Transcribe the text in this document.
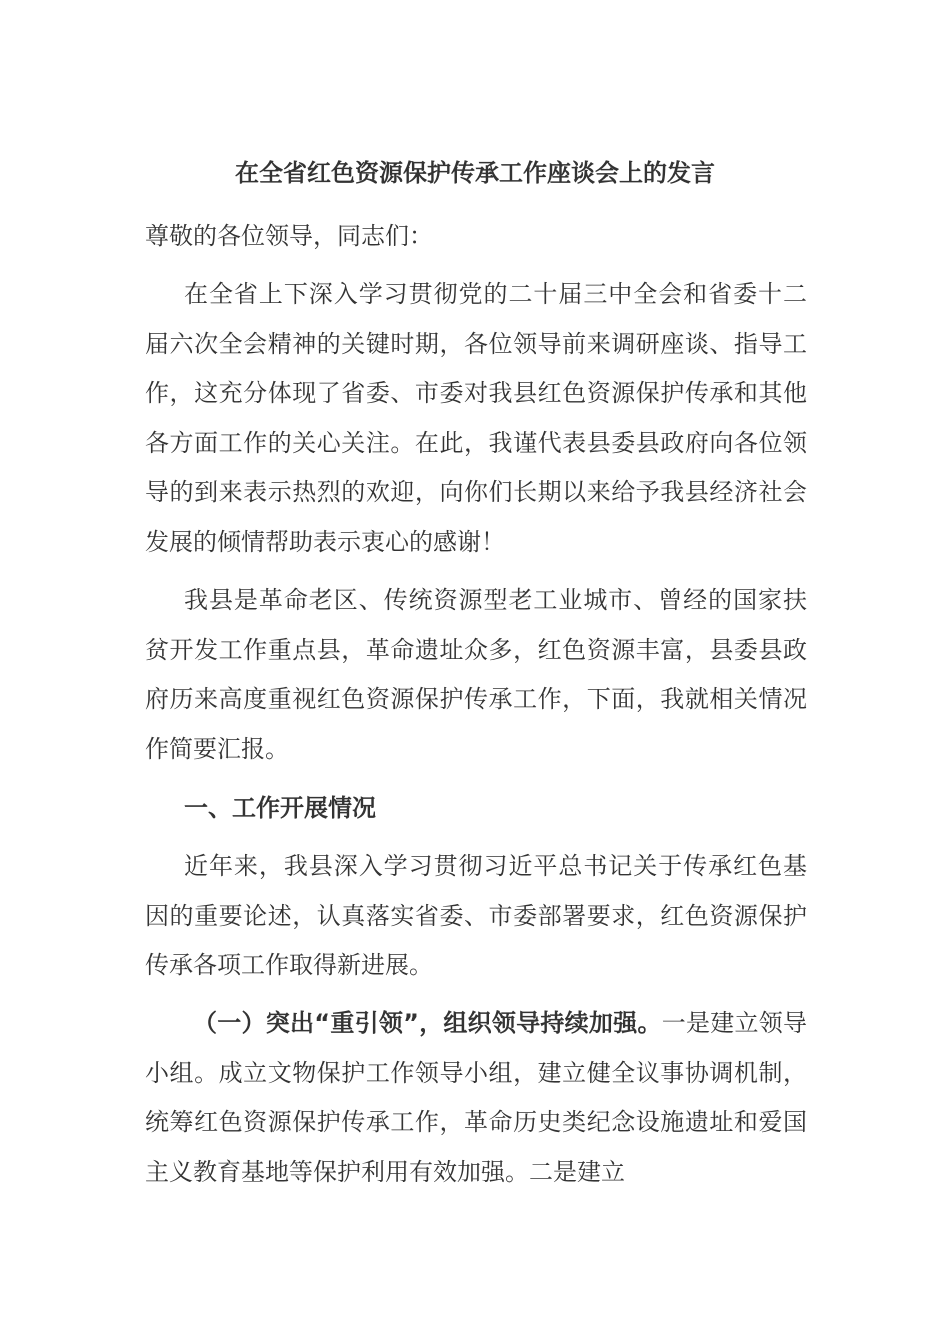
在全省红色资源保护传承工作座谈会上的发言

尊敬的各位领导，同志们：

在全省上下深入学习贯彻党的二十届三中全会和省委十二届六次全会精神的关键时期，各位领导前来调研座谈、指导工作，这充分体现了省委、市委对我县红色资源保护传承和其他各方面工作的关心关注。在此，我谨代表县委县政府向各位领导的到来表示热烈的欢迎，向你们长期以来给予我县经济社会发展的倾情帮助表示衷心的感谢！

我县是革命老区、传统资源型老工业城市、曾经的国家扶贫开发工作重点县，革命遗址众多，红色资源丰富，县委县政府历来高度重视红色资源保护传承工作，下面，我就相关情况作简要汇报。

一、工作开展情况

近年来，我县深入学习贯彻习近平总书记关于传承红色基因的重要论述，认真落实省委、市委部署要求，红色资源保护传承各项工作取得新进展。

（一）突出“重引领”，组织领导持续加强。一是建立领导小组。成立文物保护工作领导小组，建立健全议事协调机制，统筹红色资源保护传承工作，革命历史类纪念设施遗址和爱国主义教育基地等保护利用有效加强。二是建立
